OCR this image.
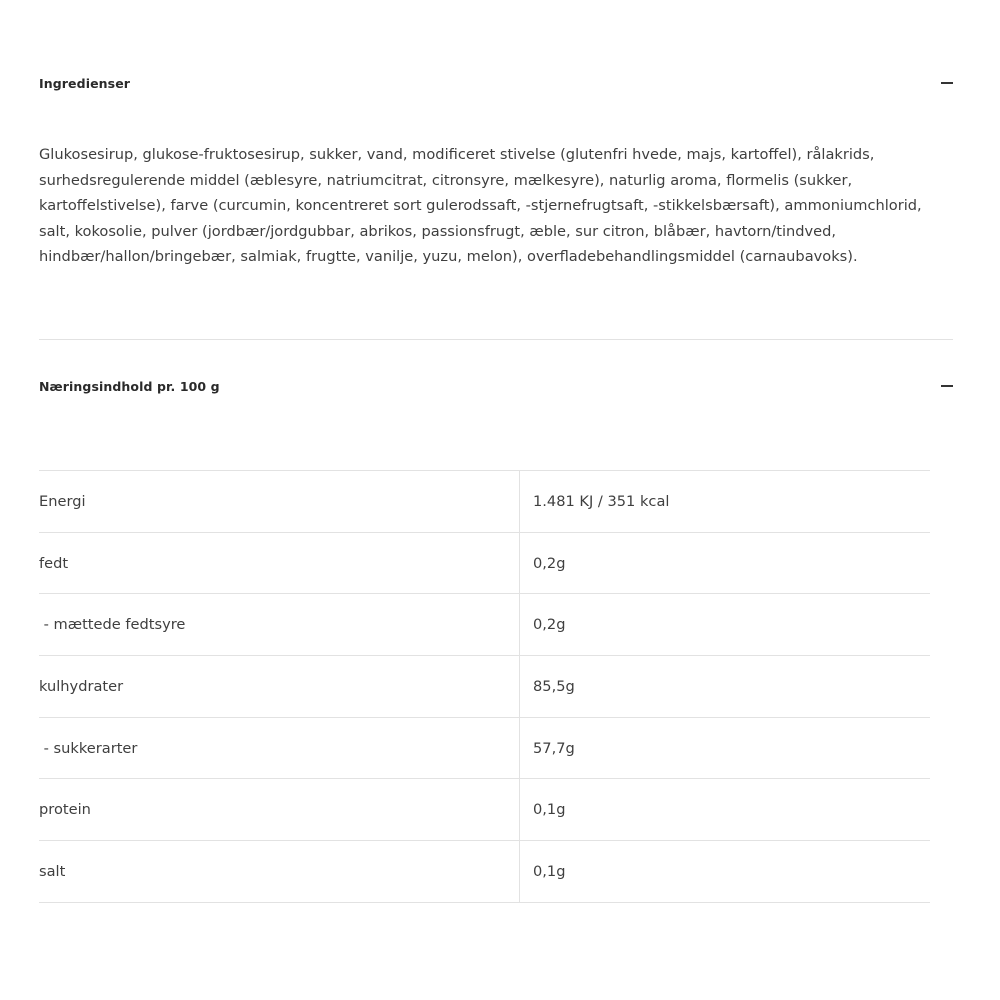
Ingredienser

Glukosesirup, glukose-fruktosesirup, sukker, vand, modificeret stivelse (glutenfri hvede, majs, kartoffel), rålakrids, surhedsregulerende middel (æblesyre, natriumcitrat, citronsyre, mælkesyre), naturlig aroma, flormelis (sukker, kartoffelstivelse), farve (curcumin, koncentreret sort gulerodssaft, -stjernefrugtsaft, -stikkelsbærsaft), ammoniumchlorid, salt, kokosolie, pulver (jordbær/jordgubbar, abrikos, passionsfrugt, æble, sur citron, blåbær, havtorn/tindved, hindbær/hallon/bringebær, salmiak, frugtte, vanilje, yuzu, melon), overfladebehandlingsmiddel (carnaubavoks).

Næringsindhold pr. 100 g
Energi	1.481 KJ / 351 kcal
fedt	0,2g
- mættede fedtsyre	0,2g
kulhydrater	85,5g
- sukkerarter	57,7g
protein	0,1g
salt	0,1g
